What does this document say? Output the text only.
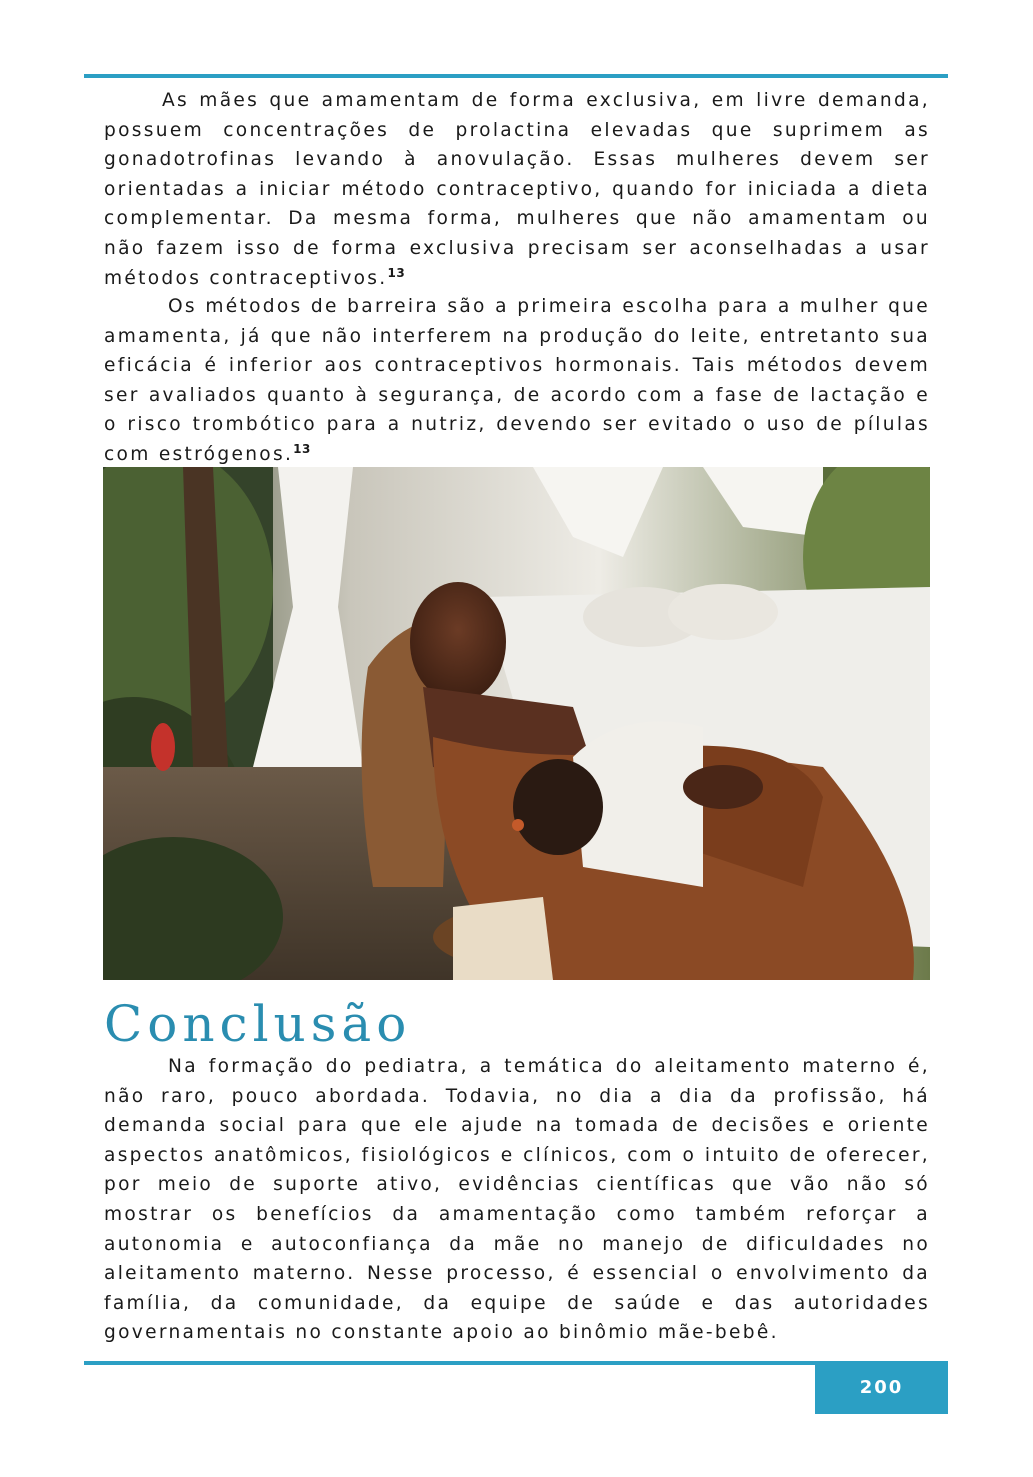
As mães que amamentam de forma exclusiva, em livre demanda, possuem concentrações de prolactina elevadas que suprimem as gonadotrofinas levando à anovulação. Essas mulheres devem ser orientadas a iniciar método contraceptivo, quando for iniciada a dieta complementar. Da mesma forma, mulheres que não amamentam ou não fazem isso de forma exclusiva precisam ser aconselhadas a usar métodos contraceptivos.$^{13}$

Os métodos de barreira são a primeira escolha para a mulher que amamenta, já que não interferem na produção do leite, entretanto sua eficácia é inferior aos contraceptivos hormonais. Tais métodos devem ser avaliados quanto à segurança, de acordo com a fase de lactação e o risco trombótico para a nutriz, devendo ser evitado o uso de pílulas com estrógenos.$^{13}$

Conclusão

Na formação do pediatra, a temática do aleitamento materno é, não raro, pouco abordada. Todavia, no dia a dia da profissão, há demanda social para que ele ajude na tomada de decisões e oriente aspectos anatômicos, fisiológicos e clínicos, com o intuito de oferecer, por meio de suporte ativo, evidências científicas que vão não só mostrar os benefícios da amamentação como também reforçar a autonomia e autoconfiança da mãe no manejo de dificuldades no aleitamento materno. Nesse processo, é essencial o envolvimento da família, da comunidade, da equipe de saúde e das autoridades governamentais no constante apoio ao binômio mãe-bebê.

200
